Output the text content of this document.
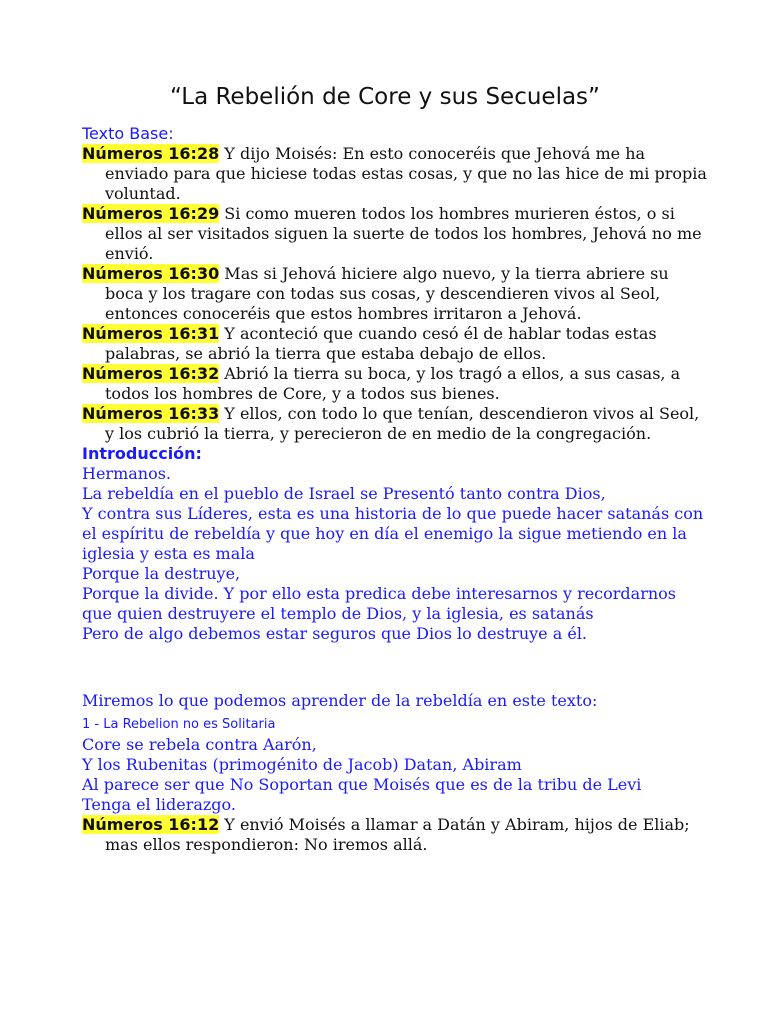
“La Rebelión de Core y sus Secuelas”
Texto Base:
Números 16:28 Y dijo Moisés: En esto conoceréis que Jehová me ha enviado para que hiciese todas estas cosas, y que no las hice de mi propia voluntad.
Números 16:29 Si como mueren todos los hombres murieren éstos, o si ellos al ser visitados siguen la suerte de todos los hombres, Jehová no me envió.
Números 16:30 Mas si Jehová hiciere algo nuevo, y la tierra abriere su boca y los tragare con todas sus cosas, y descendieren vivos al Seol, entonces conoceréis que estos hombres irritaron a Jehová.
Números 16:31 Y aconteció que cuando cesó él de hablar todas estas palabras, se abrió la tierra que estaba debajo de ellos.
Números 16:32 Abrió la tierra su boca, y los tragó a ellos, a sus casas, a todos los hombres de Core, y a todos sus bienes.
Números 16:33 Y ellos, con todo lo que tenían, descendieron vivos al Seol, y los cubrió la tierra, y perecieron de en medio de la congregación.
Introducción:
Hermanos.
La rebeldía en el pueblo de Israel se Presentó tanto contra Dios,
Y contra sus Líderes, esta es una historia de lo que puede hacer satanás con el espíritu de rebeldía y que hoy en día el enemigo la sigue metiendo en la iglesia y esta es mala
Porque la destruye,
Porque la divide. Y por ello esta predica debe interesarnos y recordarnos que quien destruyere el templo de Dios, y la iglesia, es satanás
Pero de algo debemos estar seguros que Dios lo destruye a él.
Miremos lo que podemos aprender de la rebeldía en este texto:
1 - La Rebelion no es Solitaria
Core se rebela contra Aarón,
Y los Rubenitas (primogénito de Jacob) Datan, Abiram
Al parece ser que No Soportan que Moisés que es de la tribu de Levi
Tenga el liderazgo.
Números 16:12 Y envió Moisés a llamar a Datán y Abiram, hijos de Eliab; mas ellos respondieron: No iremos allá.
